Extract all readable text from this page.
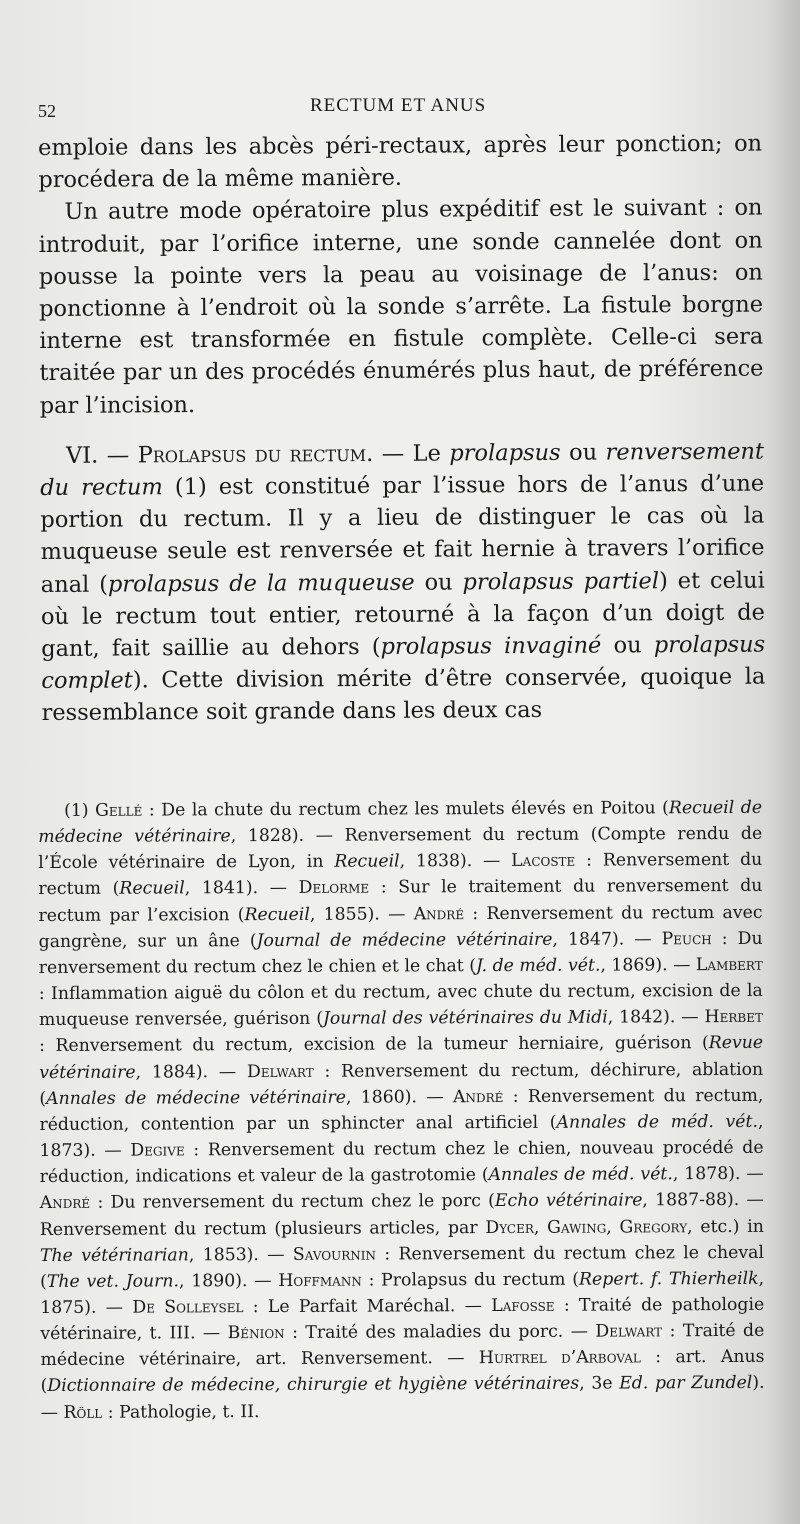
52	RECTUM ET ANUS

emploie dans les abcès péri-rectaux, après leur ponction; on procédera de la même manière.

Un autre mode opératoire plus expéditif est le suivant : on introduit, par l’orifice interne, une sonde cannelée dont on pousse la pointe vers la peau au voisinage de l’anus: on ponctionne à l’endroit où la sonde s’arrête. La fistule borgne interne est transformée en fistule complète. Celle-ci sera traitée par un des procédés énumérés plus haut, de préférence par l’incision.

VI. — Prolapsus du rectum. — Le prolapsus ou renversement du rectum (1) est constitué par l’issue hors de l’anus d’une portion du rectum. Il y a lieu de distinguer le cas où la muqueuse seule est renversée et fait hernie à travers l’orifice anal (prolapsus de la muqueuse ou prolapsus partiel) et celui où le rectum tout entier, retourné à la façon d’un doigt de gant, fait saillie au dehors (prolapsus invaginé ou prolapsus complet). Cette division mérite d’être conservée, quoique la ressemblance soit grande dans les deux cas

(1) Gellé : De la chute du rectum chez les mulets élevés en Poitou (Recueil de médecine vétérinaire, 1828). — Renversement du rectum (Compte rendu de l’École vétérinaire de Lyon, in Recueil, 1838). — Lacoste : Renversement du rectum (Recueil, 1841). — Delorme : Sur le traitement du renversement du rectum par l’excision (Recueil, 1855). — André : Renversement du rectum avec gangrène, sur un âne (Journal de médecine vétérinaire, 1847). — Peuch : Du renversement du rectum chez le chien et le chat (J. de méd. vét., 1869). — Lambert : Inflammation aiguë du côlon et du rectum, avec chute du rectum, excision de la muqueuse renversée, guérison (Journal des vétérinaires du Midi, 1842). — Herbet : Renversement du rectum, excision de la tumeur herniaire, guérison (Revue vétérinaire, 1884). — Delwart : Renversement du rectum, déchirure, ablation (Annales de médecine vétérinaire, 1860). — André : Renversement du rectum, réduction, contention par un sphincter anal artificiel (Annales de méd. vét., 1873). — Degive : Renversement du rectum chez le chien, nouveau procédé de réduction, indications et valeur de la gastrotomie (Annales de méd. vét., 1878). — André : Du renversement du rectum chez le porc (Echo vétérinaire, 1887-88). — Renversement du rectum (plusieurs articles, par Dycer, Gawing, Gregory, etc.) in The vétérinarian, 1853). — Savournin : Renversement du rectum chez le cheval (The vet. Journ., 1890). — Hoffmann : Prolapsus du rectum (Repert. f. Thierheilk, 1875). — De Solleysel : Le Parfait Maréchal. — Lafosse : Traité de pathologie vétérinaire, t. III. — Bénion : Traité des maladies du porc. — Delwart : Traité de médecine vétérinaire, art. Renversement. — Hurtrel d’Arboval : art. Anus (Dictionnaire de médecine, chirurgie et hygiène vétérinaires, 3e Ed. par Zundel). — Röll : Pathologie, t. II.
